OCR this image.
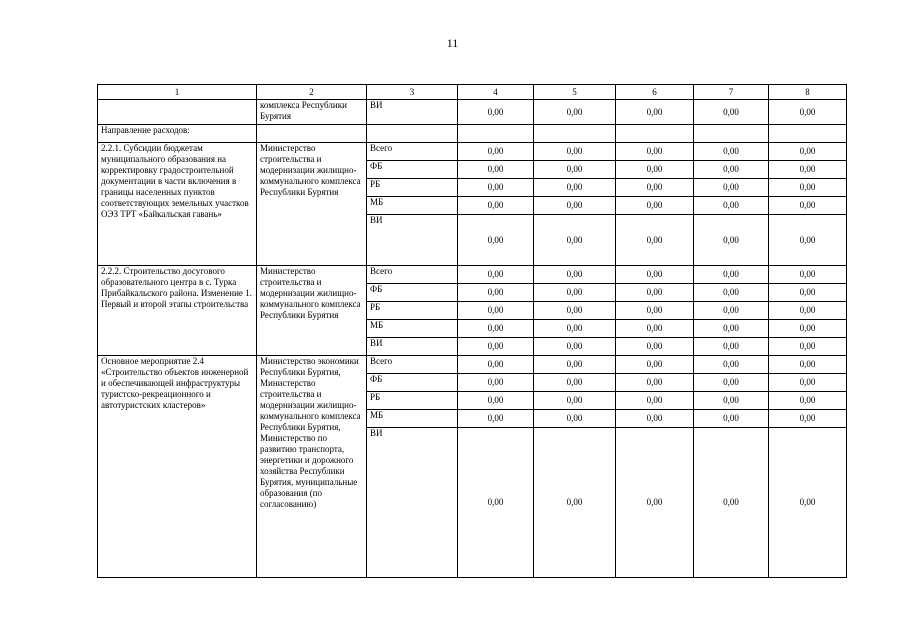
11
1	2	3	4	5	6	7	8
	комплекса Республики Бурятия	ВИ	0,00	0,00	0,00	0,00	0,00
Направление расходов:							
2.2.1. Субсидии бюджетам муниципального образования на корректировку градостроительной документации в части включения в границы населенных пунктов соответствующих земельных участков ОЭЗ ТРТ «Байкальская гавань»	Министерство строительства и модернизации жилищно-коммунального комплекса Республики Бурятия	Всего	0,00	0,00	0,00	0,00	0,00
		ФБ	0,00	0,00	0,00	0,00	0,00
		РБ	0,00	0,00	0,00	0,00	0,00
		МБ	0,00	0,00	0,00	0,00	0,00
		ВИ	0,00	0,00	0,00	0,00	0,00
2.2.2. Строительство досугового образовательного центра в с. Турка Прибайкальского района. Изменение 1. Первый и второй этапы строительства	Министерство строительства и модернизации жилищно-коммунального комплекса Республики Бурятия	Всего	0,00	0,00	0,00	0,00	0,00
		ФБ	0,00	0,00	0,00	0,00	0,00
		РБ	0,00	0,00	0,00	0,00	0,00
		МБ	0,00	0,00	0,00	0,00	0,00
		ВИ	0,00	0,00	0,00	0,00	0,00
Основное мероприятие 2.4 «Строительство объектов инженерной и обеспечивающей инфраструктуры туристско-рекреационного и автотуристских кластеров»	Министерство экономики Республики Бурятия, Министерство строительства и модернизации жилищно-коммунального комплекса Республики Бурятия, Министерство по развитию транспорта, энергетики и дорожного хозяйства Республики Бурятия, муниципальные образования (по согласованию)	Всего	0,00	0,00	0,00	0,00	0,00
		ФБ	0,00	0,00	0,00	0,00	0,00
		РБ	0,00	0,00	0,00	0,00	0,00
		МБ	0,00	0,00	0,00	0,00	0,00
		ВИ	0,00	0,00	0,00	0,00	0,00
